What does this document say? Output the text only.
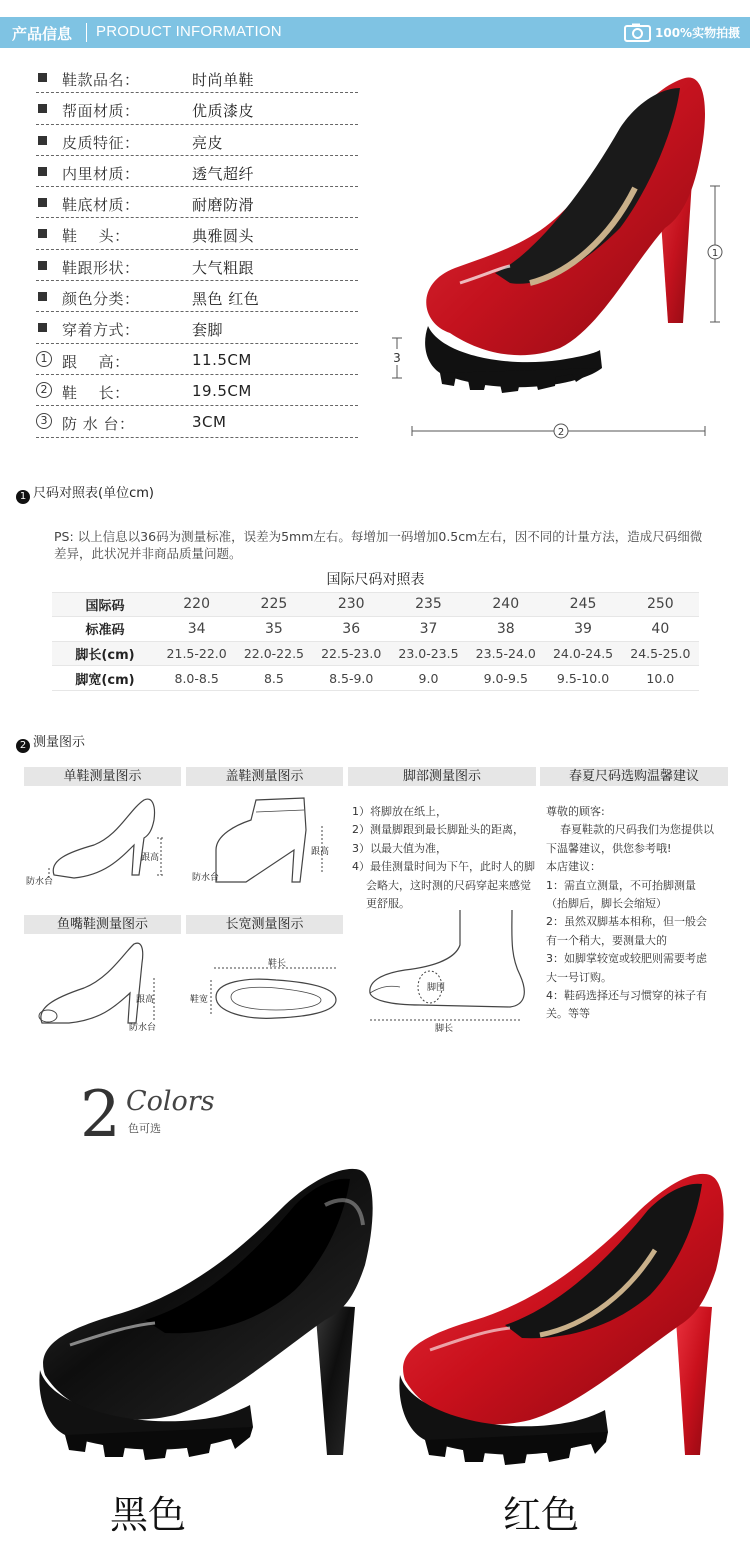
产品信息 PRODUCT INFORMATION	100%实物拍摄
鞋款品名：	时尚单鞋
帮面材质：	优质漆皮
皮质特征：	亮皮
内里材质：	透气超纤
鞋底材质：	耐磨防滑
鞋    头：	典雅圆头
鞋跟形状：	大气粗跟
颜色分类：	黑色 红色
穿着方式：	套脚
1 跟    高：	11.5CM
2 鞋    长：	19.5CM
3 防 水 台：	3CM
1
3
2
1 尺码对照表(单位cm)
PS: 以上信息以36码为测量标准，误差为5mm左右。每增加一码增加0.5cm左右，因不同的计量方法，造成尺码细微差异，此状况并非商品质量问题。
国际尺码对照表							
国际码	220	225	230	235	240	245	250
标准码	34	35	36	37	38	39	40
脚长(cm)	21.5-22.0	22.0-22.5	22.5-23.0	23.0-23.5	23.5-24.0	24.0-24.5	24.5-25.0
脚宽(cm)	8.0-8.5	8.5	8.5-9.0	9.0	9.0-9.5	9.5-10.0	10.0
2 测量图示
单鞋测量图示	盖鞋测量图示	脚部测量图示	春夏尺码选购温馨建议
鱼嘴鞋测量图示	长宽测量图示
跟高
防水台
跟高
防水台
1）将脚放在纸上，
2）测量脚跟到最长脚趾头的距离，
3）以最大值为准，
4）最佳测量时间为下午，此时人的脚
会略大，这时测的尺码穿起来感觉
更舒服。
脚围
脚长
尊敬的顾客:
春夏鞋款的尺码我们为您提供以
下温馨建议，供您参考哦!
本店建议：
1：需直立测量，不可抬脚测量
（抬脚后，脚长会缩短）
2：虽然双脚基本相称，但一般会
有一个稍大，要测量大的
3：如脚掌较宽或较肥则需要考虑
大一号订购。
4：鞋码选择还与习惯穿的袜子有
关。等等
跟高
防水台
鞋长
鞋宽
2 Colors
色可选
黑色	红色
